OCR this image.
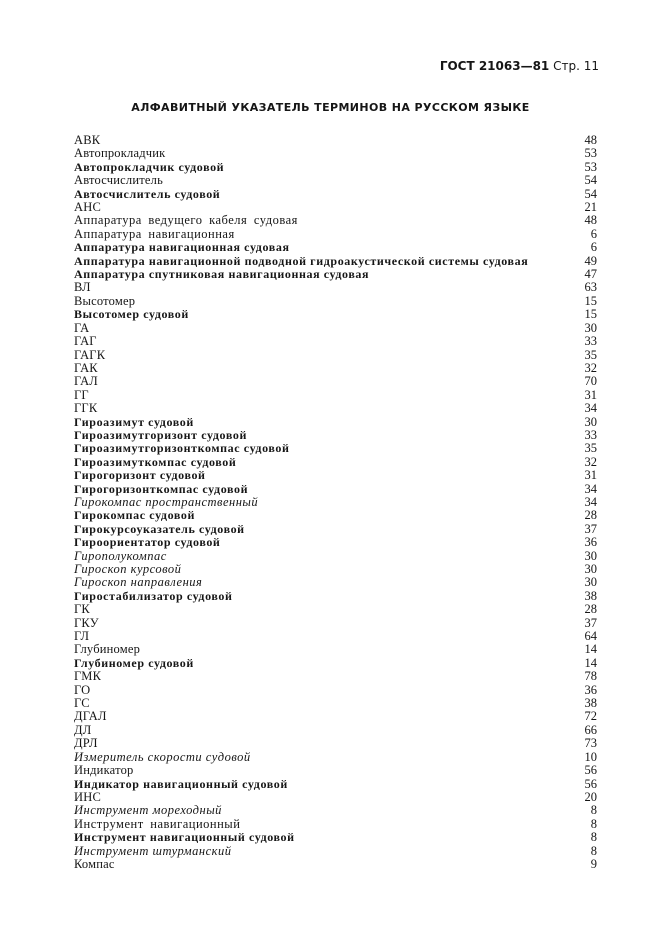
ГОСТ 21063—81 Стр. 11
АЛФАВИТНЫЙ УКАЗАТЕЛЬ ТЕРМИНОВ НА РУССКОМ ЯЗЫКЕ
АВК	48
Автопрокладчик	53
Автопрокладчик судовой	53
Автосчислитель	54
Автосчислитель судовой	54
АНС	21
Аппаратура ведущего кабеля судовая	48
Аппаратура навигационная	6
Аппаратура навигационная судовая	6
Аппаратура навигационной подводной гидроакустической системы судовая	49
Аппаратура спутниковая навигационная судовая	47
ВЛ	63
Высотомер	15
Высотомер судовой	15
ГА	30
ГАГ	33
ГАГК	35
ГАК	32
ГАЛ	70
ГГ	31
ГГК	34
Гироазимут судовой	30
Гироазимутгоризонт судовой	33
Гироазимутгоризонткомпас судовой	35
Гироазимуткомпас судовой	32
Гирогоризонт судовой	31
Гирогоризонткомпас судовой	34
Гирокомпас пространственный	34
Гирокомпас судовой	28
Гирокурсоуказатель судовой	37
Гироориентатор судовой	36
Гирополукомпас	30
Гироскоп курсовой	30
Гироскоп направления	30
Гиростабилизатор судовой	38
ГК	28
ГКУ	37
ГЛ	64
Глубиномер	14
Глубиномер судовой	14
ГМК	78
ГО	36
ГС	38
ДГАЛ	72
ДЛ	66
ДРЛ	73
Измеритель скорости судовой	10
Индикатор	56
Индикатор навигационный судовой	56
ИНС	20
Инструмент мореходный	8
Инструмент навигационный	8
Инструмент навигационный судовой	8
Инструмент штурманский	8
Компас	9
